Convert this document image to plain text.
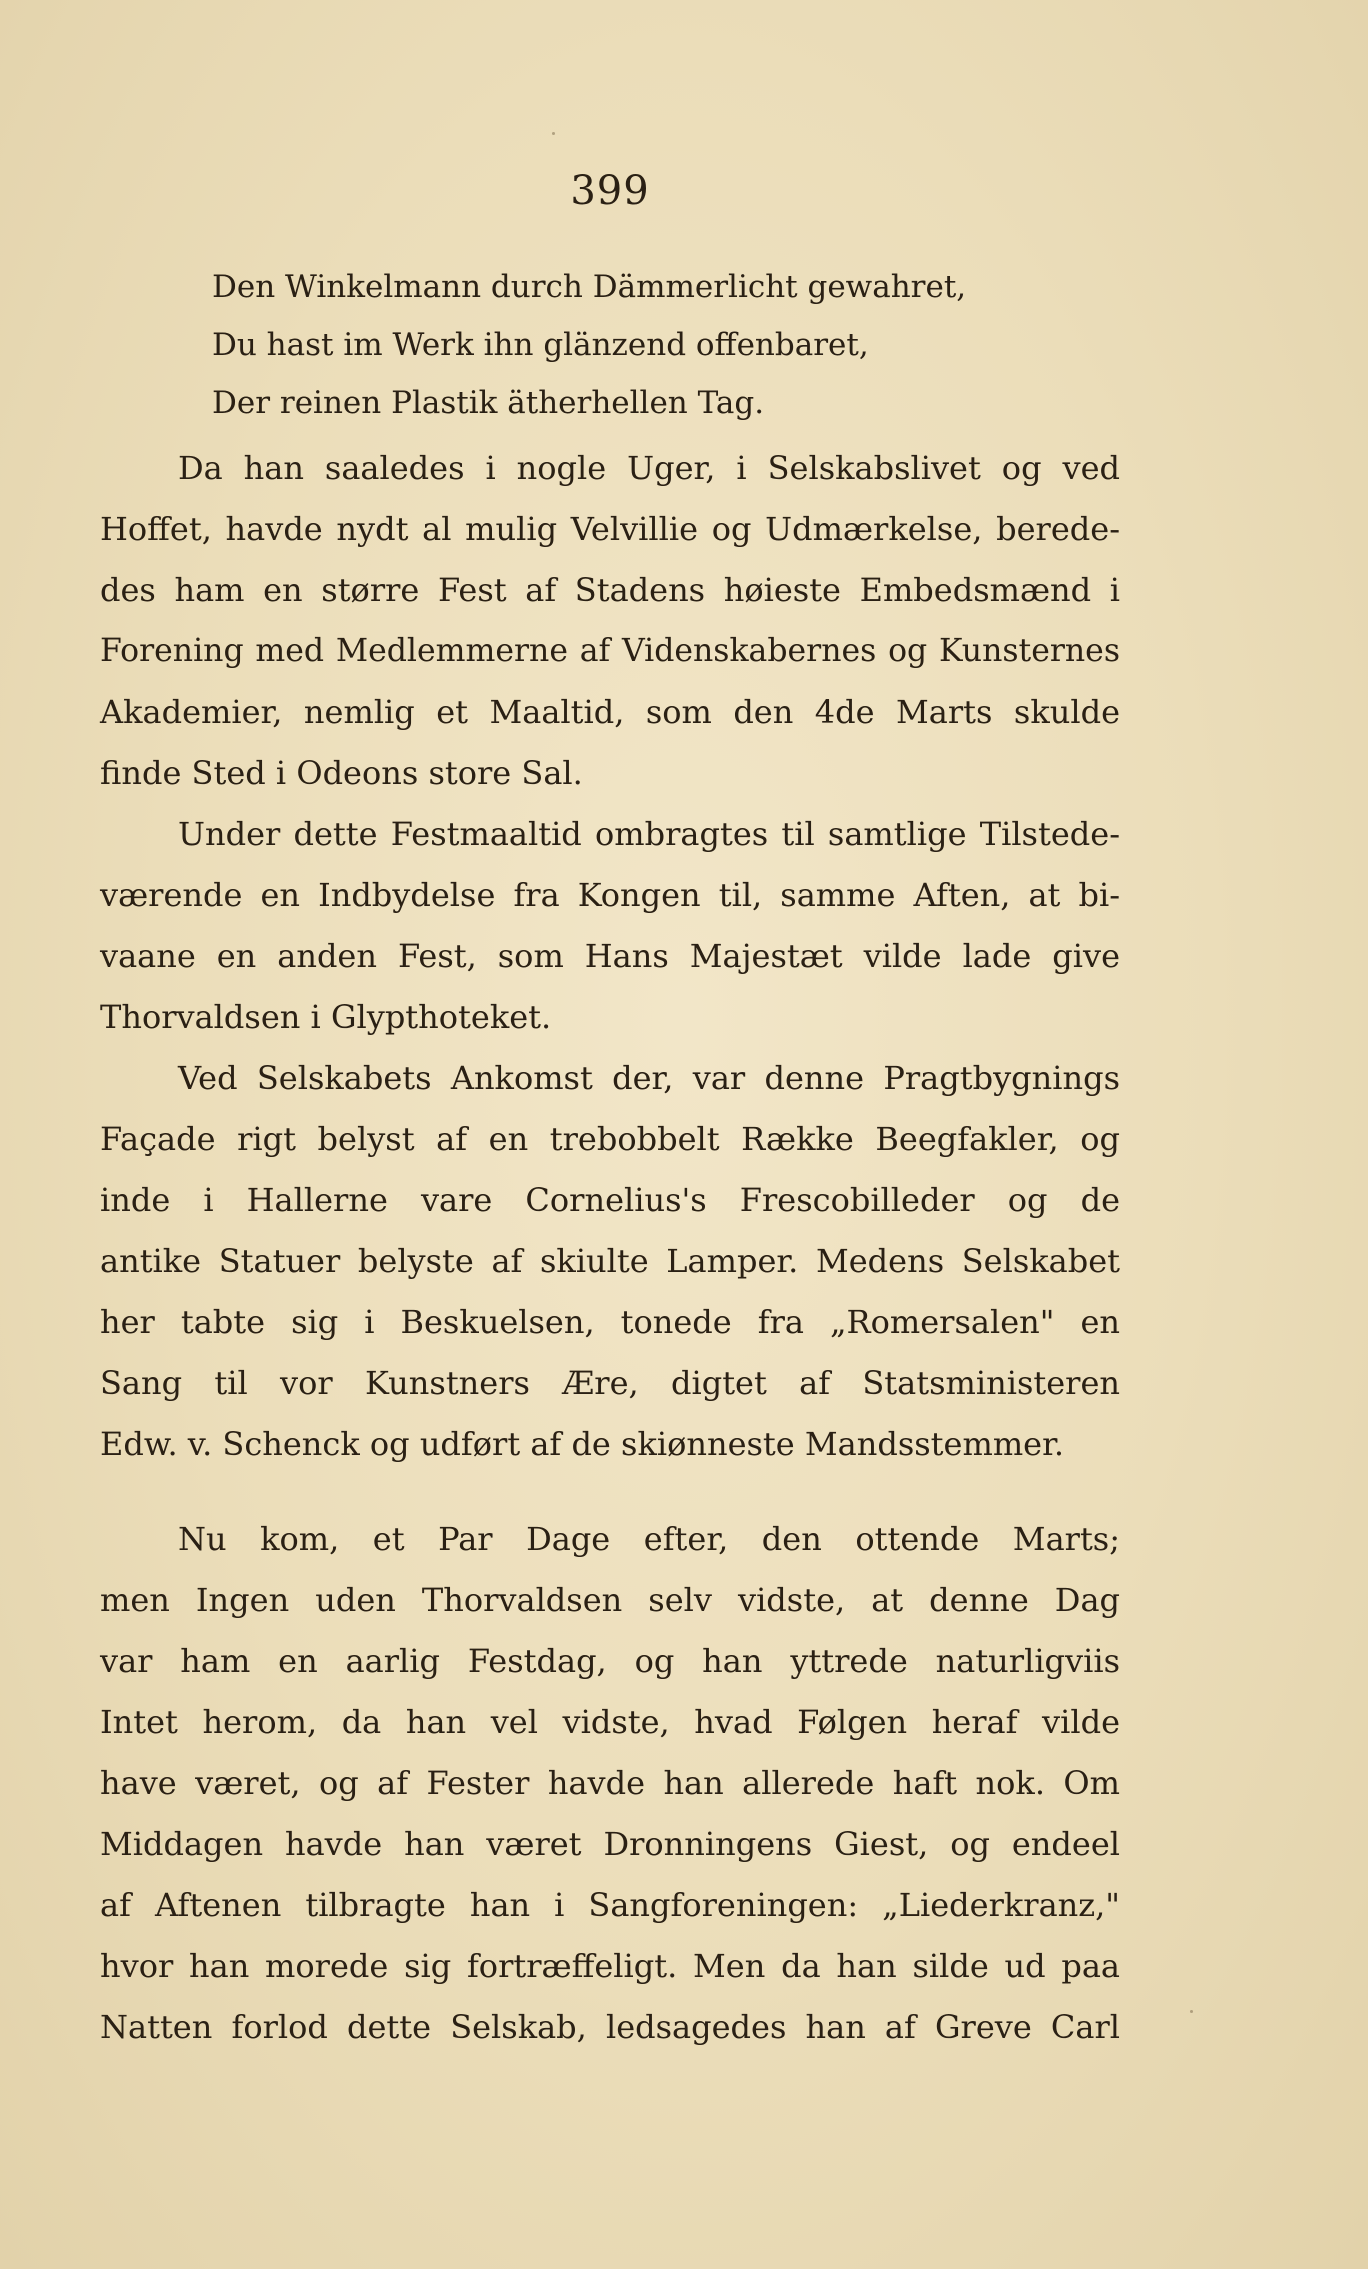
399
Den Winkelmann durch Dämmerlicht gewahret,
Du hast im Werk ihn glänzend offenbaret,
Der reinen Plastik ätherhellen Tag.
Da han saaledes i nogle Uger, i Selskabslivet og ved
Hoffet, havde nydt al mulig Velvillie og Udmærkelse, berede-
des ham en større Fest af Stadens høieste Embedsmænd i
Forening med Medlemmerne af Videnskabernes og Kunsternes
Akademier, nemlig et Maaltid, som den 4de Marts skulde
finde Sted i Odeons store Sal.
Under dette Festmaaltid ombragtes til samtlige Tilstede-
værende en Indbydelse fra Kongen til, samme Aften, at bi-
vaane en anden Fest, som Hans Majestæt vilde lade give
Thorvaldsen i Glypthoteket.
Ved Selskabets Ankomst der, var denne Pragtbygnings
Façade rigt belyst af en trebobbelt Række Beegfakler, og
inde i Hallerne vare Cornelius's Frescobilleder og de
antike Statuer belyste af skiulte Lamper. Medens Selskabet
her tabte sig i Beskuelsen, tonede fra „Romersalen" en
Sang til vor Kunstners Ære, digtet af Statsministeren
Edw. v. Schenck og udført af de skiønneste Mandsstemmer.
Nu kom, et Par Dage efter, den ottende Marts;
men Ingen uden Thorvaldsen selv vidste, at denne Dag
var ham en aarlig Festdag, og han yttrede naturligviis
Intet herom, da han vel vidste, hvad Følgen heraf vilde
have været, og af Fester havde han allerede haft nok. Om
Middagen havde han været Dronningens Giest, og endeel
af Aftenen tilbragte han i Sangforeningen: „Liederkranz,"
hvor han morede sig fortræffeligt. Men da han silde ud paa
Natten forlod dette Selskab, ledsagedes han af Greve Carl
